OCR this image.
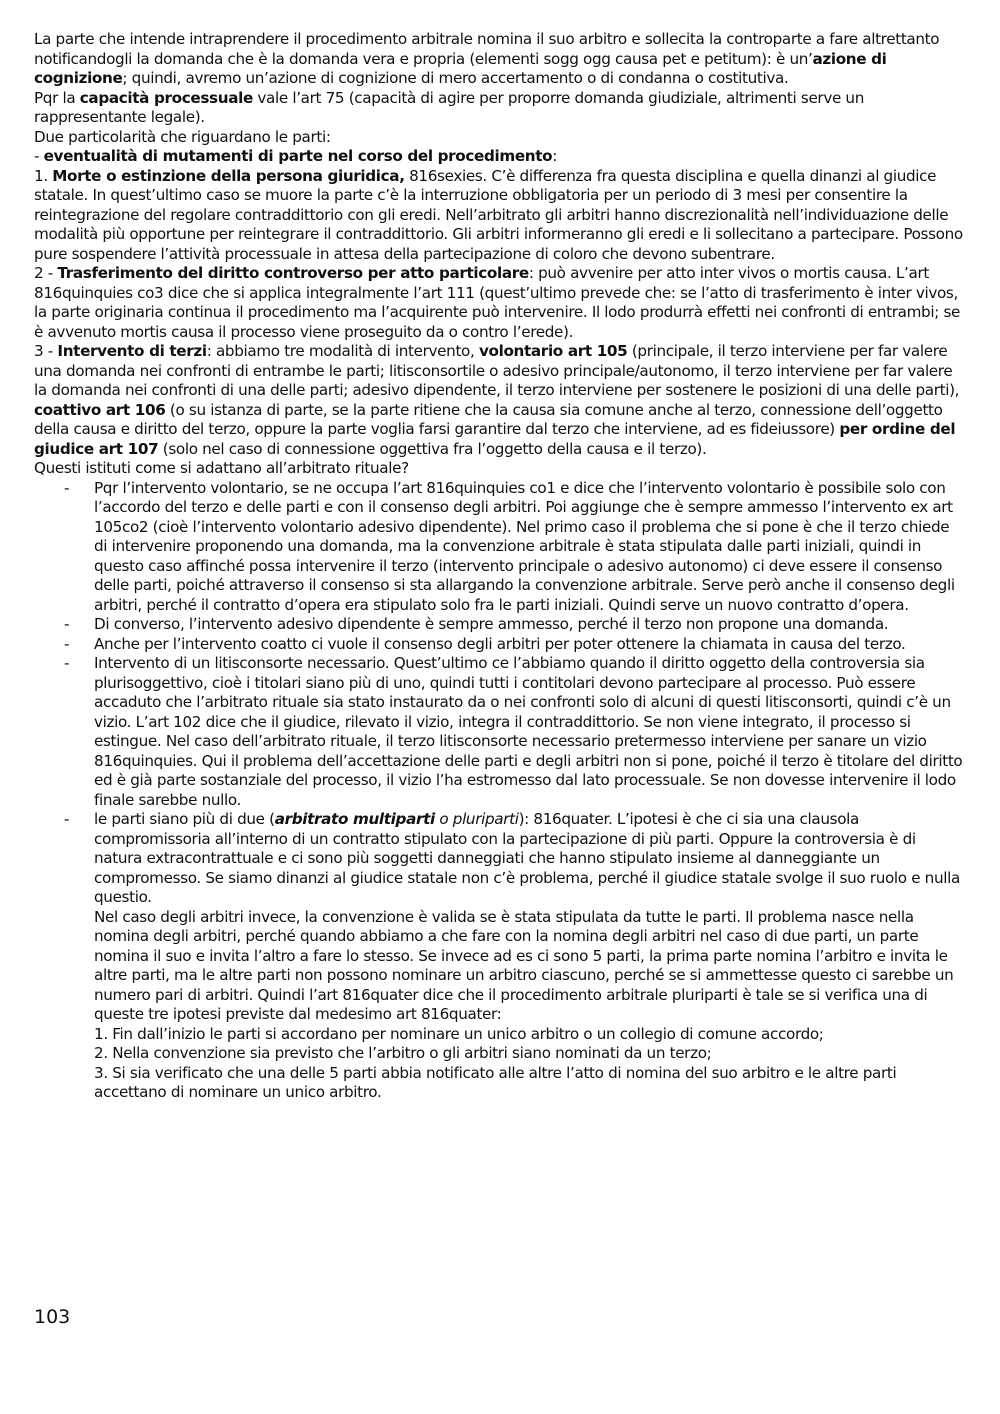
La parte che intende intraprendere il procedimento arbitrale nomina il suo arbitro e sollecita la controparte a fare altrettanto notificandogli la domanda che è la domanda vera e propria (elementi sogg ogg causa pet e petitum): è un’azione di cognizione; quindi, avremo un’azione di cognizione di mero accertamento o di condanna o costitutiva.

Pqr la capacità processuale vale l’art 75 (capacità di agire per proporre domanda giudiziale, altrimenti serve un rappresentante legale).

Due particolarità che riguardano le parti:

- eventualità di mutamenti di parte nel corso del procedimento:

1. Morte o estinzione della persona giuridica, 816sexies. C’è differenza fra questa disciplina e quella dinanzi al giudice statale. In quest’ultimo caso se muore la parte c’è la interruzione obbligatoria per un periodo di 3 mesi per consentire la reintegrazione del regolare contraddittorio con gli eredi. Nell’arbitrato gli arbitri hanno discrezionalità nell’individuazione delle modalità più opportune per reintegrare il contraddittorio. Gli arbitri informeranno gli eredi e li sollecitano a partecipare. Possono pure sospendere l’attività processuale in attesa della partecipazione di coloro che devono subentrare.

2 - Trasferimento del diritto controverso per atto particolare: può avvenire per atto inter vivos o mortis causa. L’art 816quinquies co3 dice che si applica integralmente l’art 111 (quest’ultimo prevede che: se l’atto di trasferimento è inter vivos, la parte originaria continua il procedimento ma l’acquirente può intervenire. Il lodo produrrà effetti nei confronti di entrambi; se è avvenuto mortis causa il processo viene proseguito da o contro l’erede).

3 - Intervento di terzi: abbiamo tre modalità di intervento, volontario art 105 (principale, il terzo interviene per far valere una domanda nei confronti di entrambe le parti; litisconsortile o adesivo principale/autonomo, il terzo interviene per far valere la domanda nei confronti di una delle parti; adesivo dipendente, il terzo interviene per sostenere le posizioni di una delle parti), coattivo art 106 (o su istanza di parte, se la parte ritiene che la causa sia comune anche al terzo, connessione dell’oggetto della causa e diritto del terzo, oppure la parte voglia farsi garantire dal terzo che interviene, ad es fideiussore) per ordine del giudice art 107 (solo nel caso di connessione oggettiva fra l’oggetto della causa e il terzo).

Questi istituti come si adattano all’arbitrato rituale?

- Pqr l’intervento volontario, se ne occupa l’art 816quinquies co1 e dice che l’intervento volontario è possibile solo con l’accordo del terzo e delle parti e con il consenso degli arbitri. Poi aggiunge che è sempre ammesso l’intervento ex art 105co2 (cioè l’intervento volontario adesivo dipendente). Nel primo caso il problema che si pone è che il terzo chiede di intervenire proponendo una domanda, ma la convenzione arbitrale è stata stipulata dalle parti iniziali, quindi in questo caso affinché possa intervenire il terzo (intervento principale o adesivo autonomo) ci deve essere il consenso delle parti, poiché attraverso il consenso si sta allargando la convenzione arbitrale. Serve però anche il consenso degli arbitri, perché il contratto d’opera era stipulato solo fra le parti iniziali. Quindi serve un nuovo contratto d’opera.
- Di converso, l’intervento adesivo dipendente è sempre ammesso, perché il terzo non propone una domanda.
- Anche per l’intervento coatto ci vuole il consenso degli arbitri per poter ottenere la chiamata in causa del terzo.
- Intervento di un litisconsorte necessario. Quest’ultimo ce l’abbiamo quando il diritto oggetto della controversia sia plurisoggettivo, cioè i titolari siano più di uno, quindi tutti i contitolari devono partecipare al processo. Può essere accaduto che l’arbitrato rituale sia stato instaurato da o nei confronti solo di alcuni di questi litisconsorti, quindi c’è un vizio. L’art 102 dice che il giudice, rilevato il vizio, integra il contraddittorio. Se non viene integrato, il processo si estingue. Nel caso dell’arbitrato rituale, il terzo litisconsorte necessario pretermesso interviene per sanare un vizio 816quinquies. Qui il problema dell’accettazione delle parti e degli arbitri non si pone, poiché il terzo è titolare del diritto ed è già parte sostanziale del processo, il vizio l’ha estromesso dal lato processuale. Se non dovesse intervenire il lodo finale sarebbe nullo.
- le parti siano più di due (arbitrato multiparti o pluriparti): 816quater. L’ipotesi è che ci sia una clausola compromissoria all’interno di un contratto stipulato con la partecipazione di più parti. Oppure la controversia è di natura extracontrattuale e ci sono più soggetti danneggiati che hanno stipulato insieme al danneggiante un compromesso. Se siamo dinanzi al giudice statale non c’è problema, perché il giudice statale svolge il suo ruolo e nulla questio.

Nel caso degli arbitri invece, la convenzione è valida se è stata stipulata da tutte le parti. Il problema nasce nella nomina degli arbitri, perché quando abbiamo a che fare con la nomina degli arbitri nel caso di due parti, un parte nomina il suo e invita l’altro a fare lo stesso. Se invece ad es ci sono 5 parti, la prima parte nomina l’arbitro e invita le altre parti, ma le altre parti non possono nominare un arbitro ciascuno, perché se si ammettesse questo ci sarebbe un numero pari di arbitri. Quindi l’art 816quater dice che il procedimento arbitrale pluriparti è tale se si verifica una di queste tre ipotesi previste dal medesimo art 816quater:

1. Fin dall’inizio le parti si accordano per nominare un unico arbitro o un collegio di comune accordo;

2. Nella convenzione sia previsto che l’arbitro o gli arbitri siano nominati da un terzo;

3. Si sia verificato che una delle 5 parti abbia notificato alle altre l’atto di nomina del suo arbitro e le altre parti accettano di nominare un unico arbitro.

103
